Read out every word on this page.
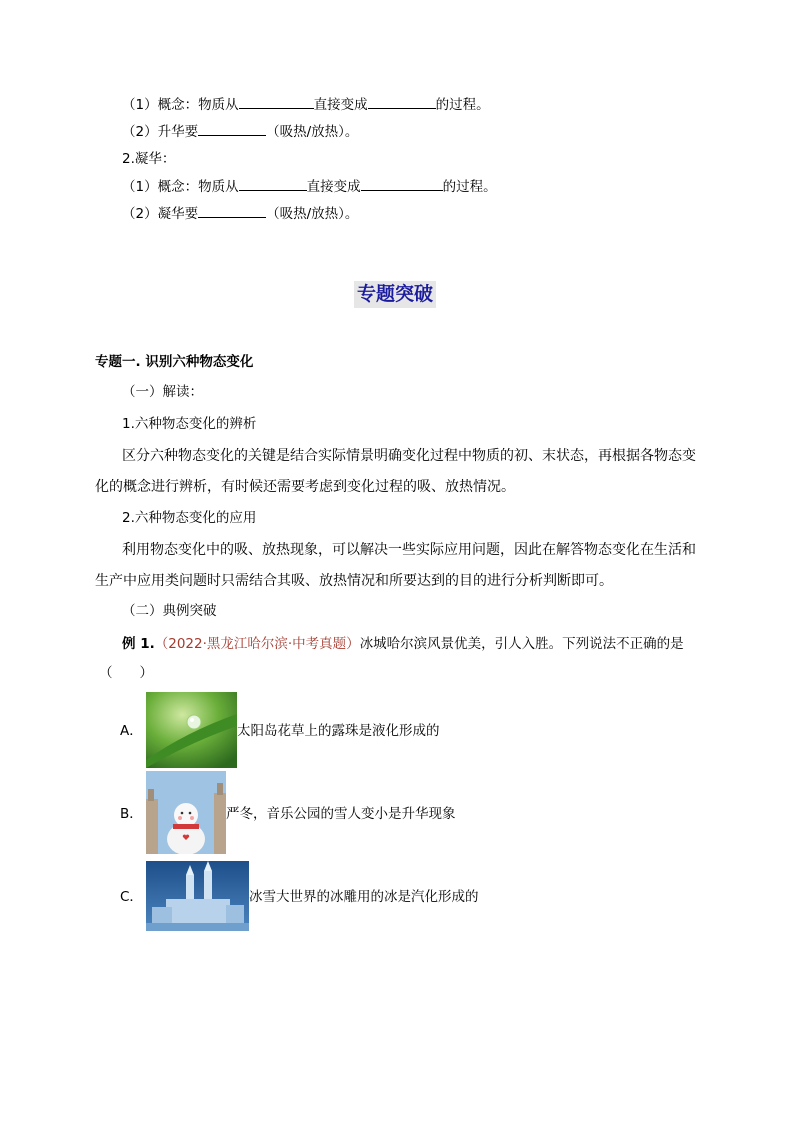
（1）概念：物质从	直接变成	的过程。
（2）升华要	（吸热/放热）。
2.凝华：
（1）概念：物质从	直接变成	的过程。
（2）凝华要	（吸热/放热）。
专题突破
专题一. 识别六种物态变化
（一）解读：
1.六种物态变化的辨析
区分六种物态变化的关键是结合实际情景明确变化过程中物质的初、末状态，再根据各物态变
化的概念进行辨析，有时候还需要考虑到变化过程的吸、放热情况。
2.六种物态变化的应用
利用物态变化中的吸、放热现象，可以解决一些实际应用问题，因此在解答物态变化在生活和
生产中应用类问题时只需结合其吸、放热情况和所要达到的目的进行分析判断即可。
（二）典例突破
例 1.（2022·黑龙江哈尔滨·中考真题）冰城哈尔滨风景优美，引人入胜。下列说法不正确的是
（　　）
A．	太阳岛花草上的露珠是液化形成的
B．	严冬，音乐公园的雪人变小是升华现象
C．	冰雪大世界的冰雕用的冰是汽化形成的
